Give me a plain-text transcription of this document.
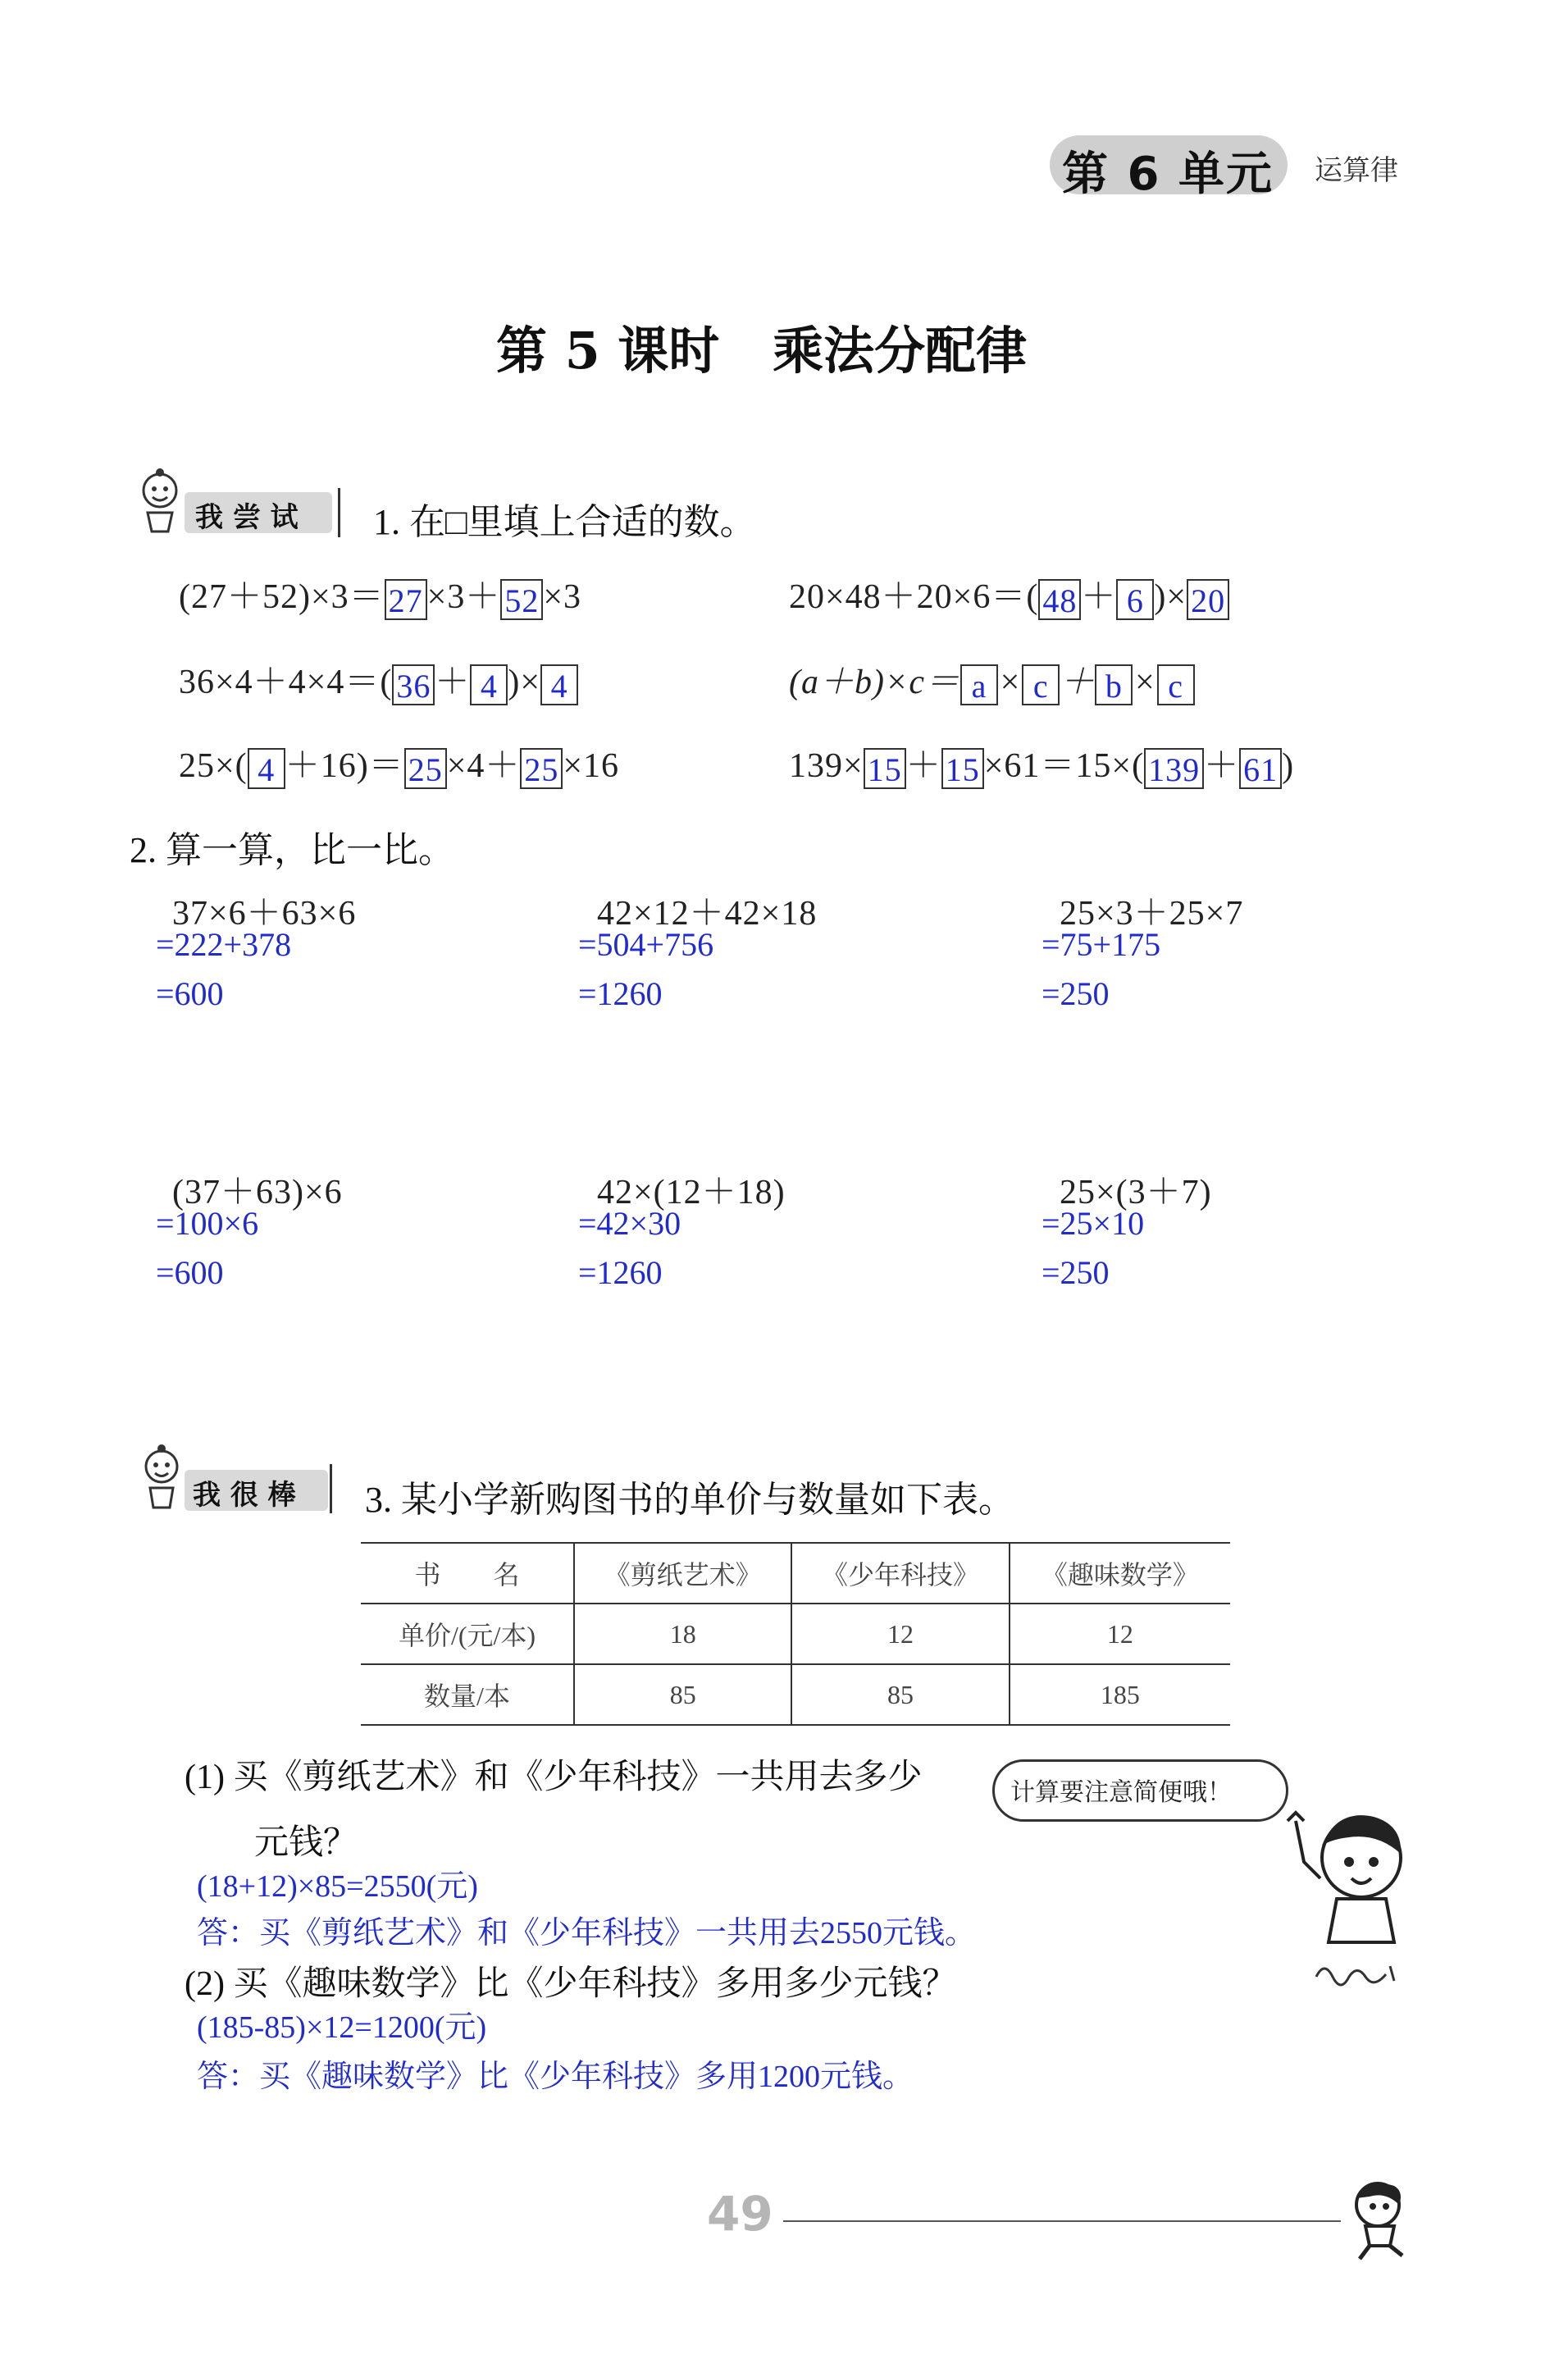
第 6 单元 运算律
第 5 课时   乘法分配律
我 尝 试 1. 在□里填上合适的数。
(27＋52)×3＝ 27 ×3＋ 52 ×3	20×48＋20×6＝( 48 ＋ 6 )× 20
36×4＋4×4＝( 36 ＋ 4 )× 4	(a＋b)×c＝ a × c ＋ b × c
25×( 4 ＋16)＝ 25 ×4＋ 25 ×16	139× 15 ＋ 15 ×61＝15×( 139 ＋ 61 )
2. 算一算，比一比。
37×6＋63×6
=222+378
=600
42×12＋42×18
=504+756
=1260
25×3＋25×7
=75+175
=250
(37＋63)×6
=100×6
=600
42×(12＋18)
=42×30
=1260
25×(3＋7)
=25×10
=250
我 很 棒 3. 某小学新购图书的单价与数量如下表。
书　　名	《剪纸艺术》	《少年科技》	《趣味数学》
单价/(元/本)	18	12	12
数量/本	85	85	185
(1) 买《剪纸艺术》和《少年科技》一共用去多少
元钱？
(18+12)×85=2550(元)
答：买《剪纸艺术》和《少年科技》一共用去2550元钱。
(2) 买《趣味数学》比《少年科技》多用多少元钱？
(185-85)×12=1200(元)
答：买《趣味数学》比《少年科技》多用1200元钱。
计算要注意简便哦！
49
